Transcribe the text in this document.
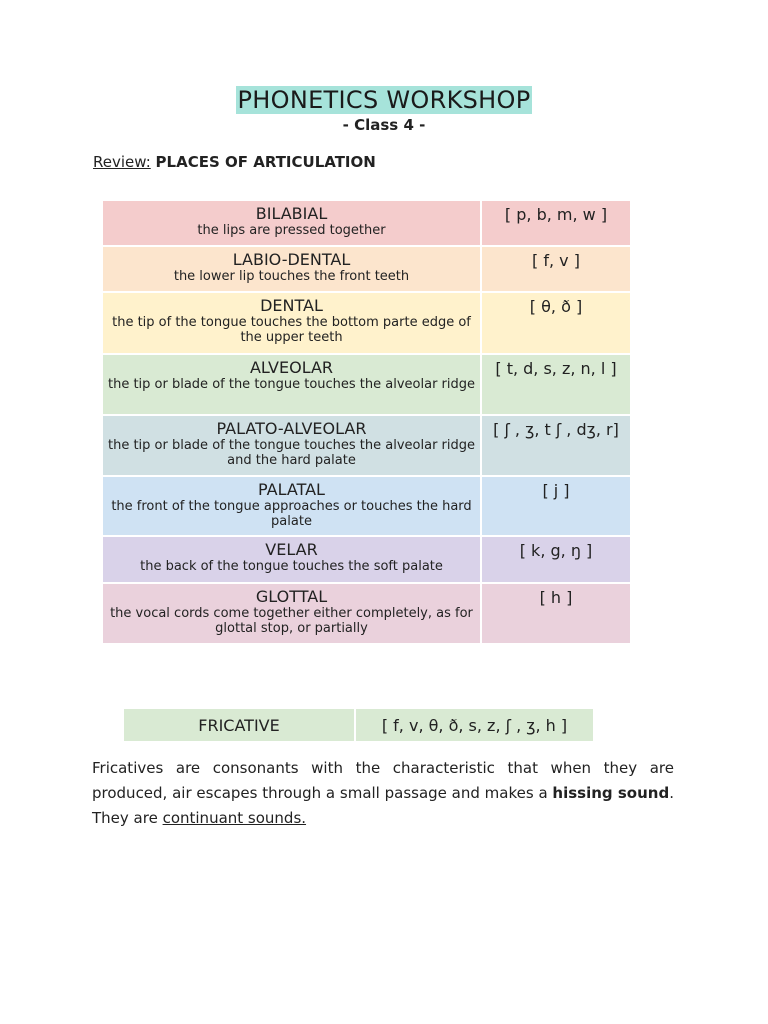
PHONETICS WORKSHOP
- Class 4 -
Review: PLACES OF ARTICULATION
BILABIAL
the lips are pressed together	[ p, b, m, w ]

LABIO-DENTAL
the lower lip touches the front teeth	[ f, v ]

DENTAL
the tip of the tongue touches the bottom parte edge of the upper teeth	[ θ, ð ]

ALVEOLAR
the tip or blade of the tongue touches the alveolar ridge	[ t, d, s, z, n, l ]

PALATO-ALVEOLAR
the tip or blade of the tongue touches the alveolar ridge and the hard palate	[ ʃ , ʒ, t ʃ , dʒ, r]

PALATAL
the front of the tongue approaches or touches the hard palate	[ j ]

VELAR
the back of the tongue touches the soft palate	[ k, g, ŋ ]

GLOTTAL
the vocal cords come together either completely, as for glottal stop, or partially	[ h ]
FRICATIVE	[ f, v, θ, ð, s, z, ʃ , ʒ, h ]
Fricatives are consonants with the characteristic that when they are produced, air escapes through a small passage and makes a hissing sound. They are continuant sounds.
